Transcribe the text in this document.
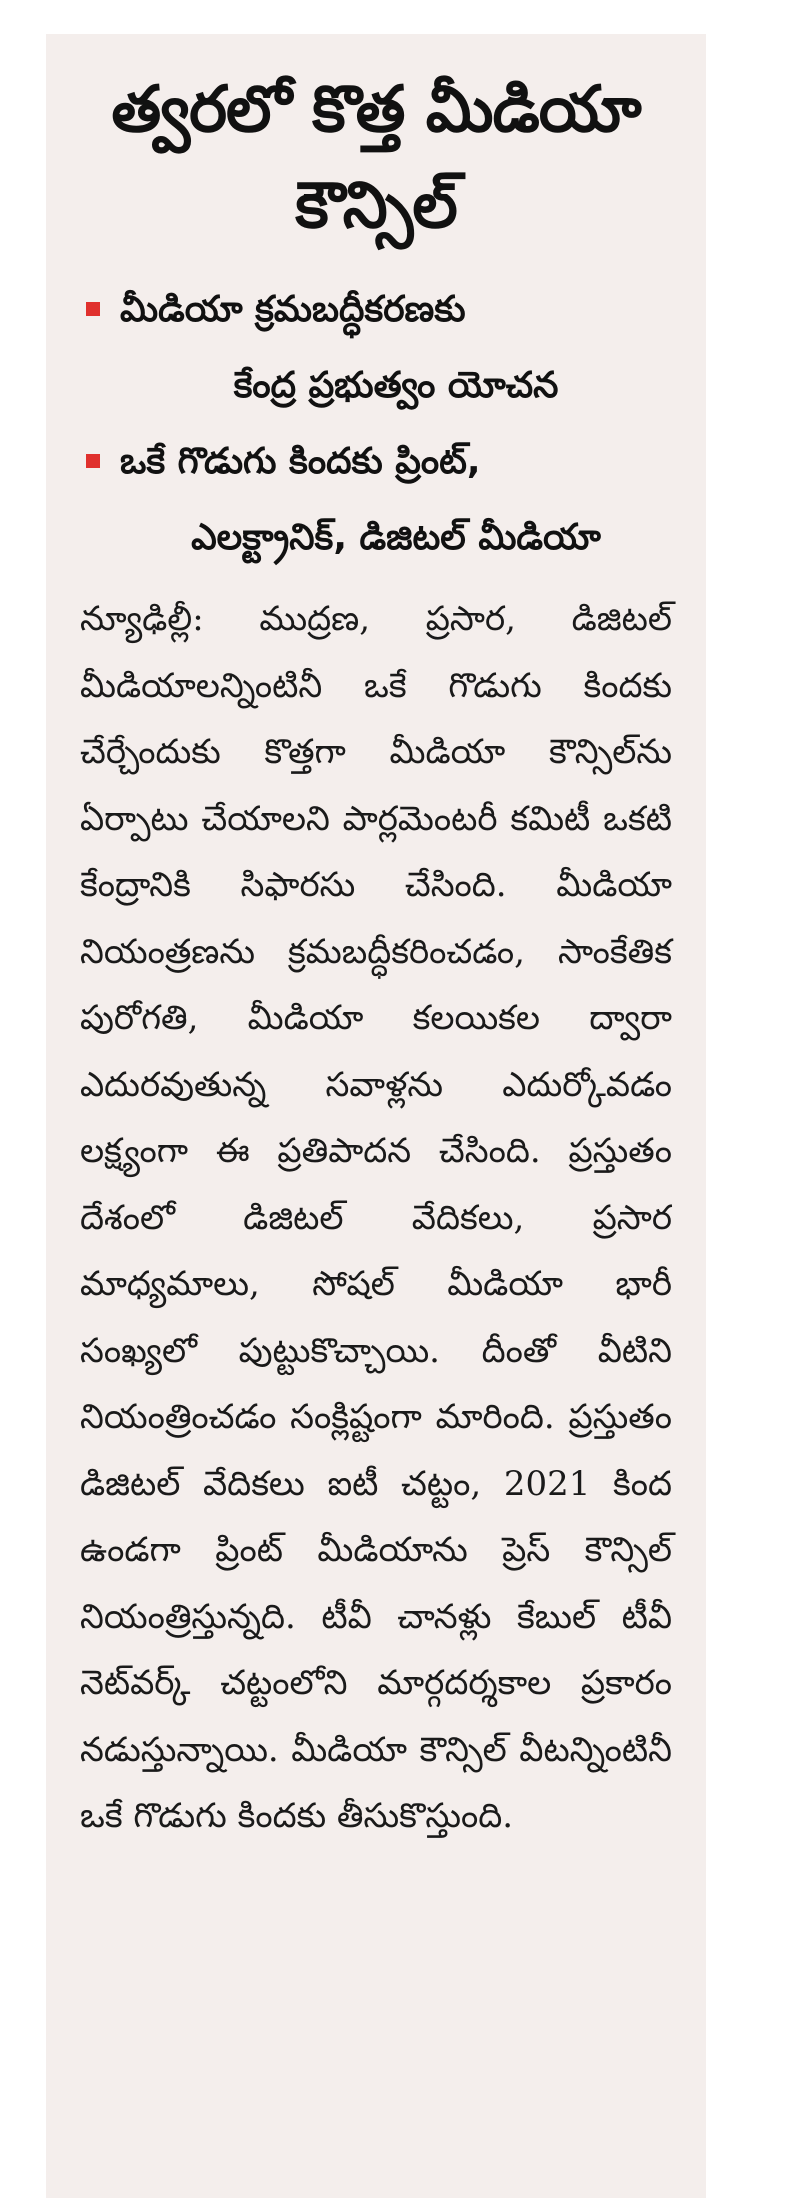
త్వరలో కొత్త మీడియా కౌన్సిల్
మీడియా క్రమబద్ధీకరణకు
కేంద్ర ప్రభుత్వం యోచన
ఒకే గొడుగు కిందకు ప్రింట్,
ఎలక్ట్రానిక్, డిజిటల్ మీడియా

న్యూఢిల్లీ: ముద్రణ, ప్రసార, డిజిటల్ మీడియాలన్నింటినీ ఒకే గొడుగు కిందకు చేర్చేందుకు కొత్తగా మీడియా కౌన్సిల్‌ను ఏర్పాటు చేయాలని పార్లమెంటరీ కమిటీ ఒకటి కేంద్రానికి సిఫారసు చేసింది. మీడియా నియంత్రణను క్రమబద్ధీకరించడం, సాంకేతిక పురోగతి, మీడియా కలయికల ద్వారా ఎదురవుతున్న సవాళ్లను ఎదుర్కోవడం లక్ష్యంగా ఈ ప్రతిపాదన చేసింది. ప్రస్తుతం దేశంలో డిజిటల్ వేదికలు, ప్రసార మాధ్యమాలు, సోషల్ మీడియా భారీ సంఖ్యలో పుట్టుకొచ్చాయి. దీంతో వీటిని నియంత్రించడం సంక్లిష్టంగా మారింది. ప్రస్తుతం డిజిటల్ వేదికలు ఐటీ చట్టం, 2021 కింద ఉండగా ప్రింట్ మీడియాను ప్రెస్ కౌన్సిల్ నియంత్రిస్తున్నది. టీవీ చానళ్లు కేబుల్ టీవీ నెట్‌వర్క్ చట్టంలోని మార్గదర్శకాల ప్రకారం నడుస్తున్నాయి. మీడియా కౌన్సిల్ వీటన్నింటినీ ఒకే గొడుగు కిందకు తీసుకొస్తుంది.
